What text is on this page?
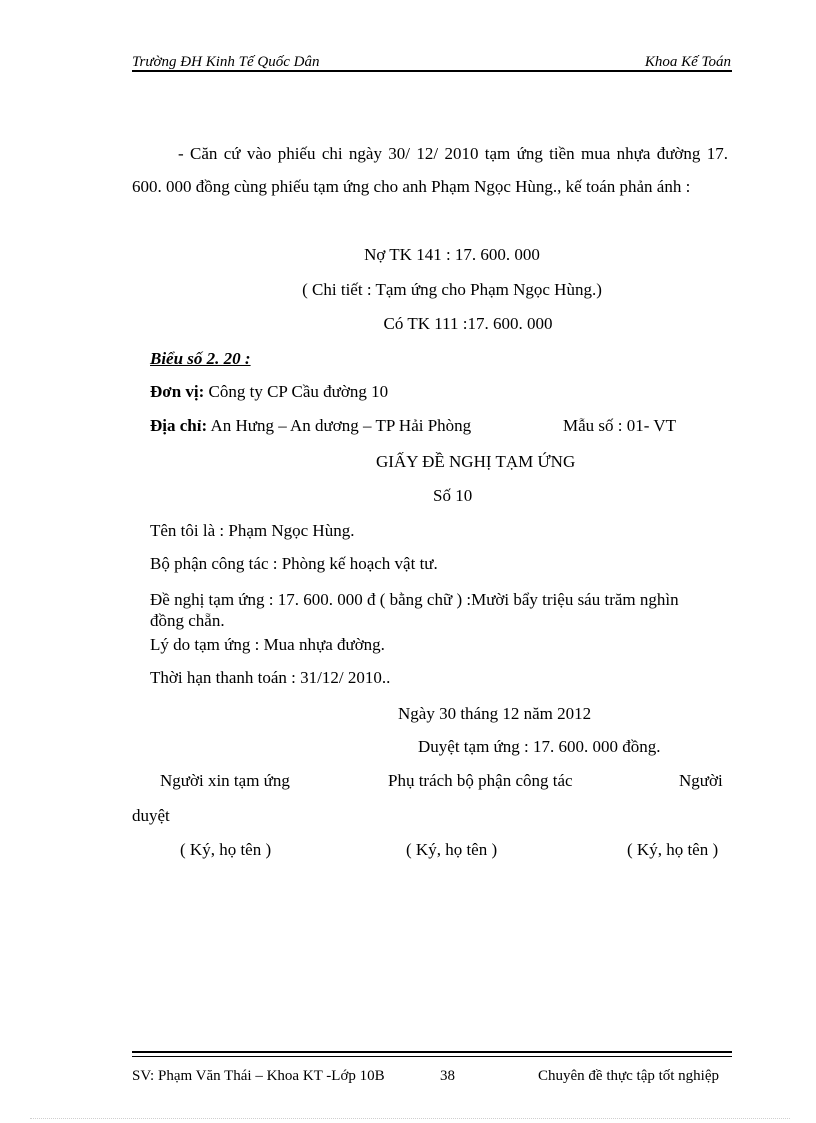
Trường ĐH Kinh Tế Quốc Dân	Khoa Kế Toán
- Căn cứ vào phiếu chi ngày 30/ 12/ 2010 tạm ứng tiền mua nhựa đường 17. 600. 000 đồng cùng phiếu tạm ứng cho anh Phạm Ngọc Hùng., kế toán phản ánh :
Nợ TK 141 : 17. 600. 000
( Chi tiết : Tạm ứng cho Phạm Ngọc Hùng.)
Có TK 111 :17. 600. 000
Biểu số 2. 20 :
Đơn vị: Công ty CP Cầu đường 10
Địa chỉ: An Hưng – An dương – TP Hải Phòng	Mẫu số : 01- VT
GIẤY ĐỀ NGHỊ TẠM ỨNG
Số 10
Tên tôi là : Phạm Ngọc Hùng.
Bộ phận công tác : Phòng kế hoạch vật tư.
Đề nghị tạm ứng : 17. 600. 000 đ ( bằng chữ ) :Mười bẩy triệu sáu trăm nghìn đồng chẵn.
Lý do tạm ứng : Mua nhựa đường.
Thời hạn thanh toán : 31/12/ 2010..
Ngày 30 tháng 12 năm 2012
Duyệt tạm ứng : 17. 600. 000 đồng.
Người xin tạm ứng	Phụ trách bộ phận công tác	Người
duyệt
( Ký, họ tên )	( Ký, họ tên )	( Ký, họ tên )
SV: Phạm Văn Thái – Khoa KT -Lớp 10B	38	Chuyên đề thực tập tốt nghiệp
